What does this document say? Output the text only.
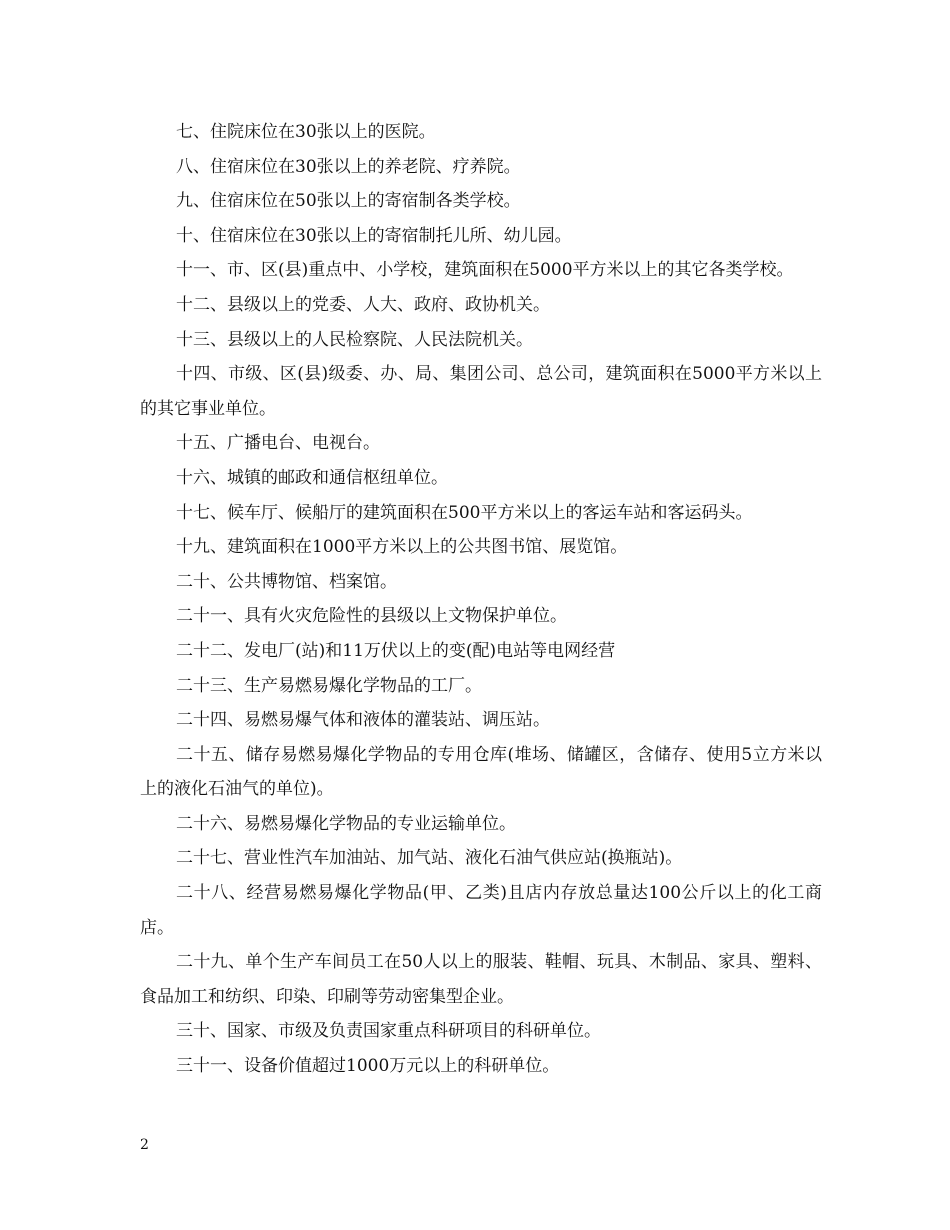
七、住院床位在30张以上的医院。

八、住宿床位在30张以上的养老院、疗养院。

九、住宿床位在50张以上的寄宿制各类学校。

十、住宿床位在30张以上的寄宿制托儿所、幼儿园。

十一、市、区(县)重点中、小学校，建筑面积在5000平方米以上的其它各类学校。

十二、县级以上的党委、人大、政府、政协机关。

十三、县级以上的人民检察院、人民法院机关。

十四、市级、区(县)级委、办、局、集团公司、总公司，建筑面积在5000平方米以上的其它事业单位。

十五、广播电台、电视台。

十六、城镇的邮政和通信枢纽单位。

十七、候车厅、候船厅的建筑面积在500平方米以上的客运车站和客运码头。

十九、建筑面积在1000平方米以上的公共图书馆、展览馆。

二十、公共博物馆、档案馆。

二十一、具有火灾危险性的县级以上文物保护单位。

二十二、发电厂(站)和11万伏以上的变(配)电站等电网经营

二十三、生产易燃易爆化学物品的工厂。

二十四、易燃易爆气体和液体的灌装站、调压站。

二十五、储存易燃易爆化学物品的专用仓库(堆场、储罐区，含储存、使用5立方米以上的液化石油气的单位)。

二十六、易燃易爆化学物品的专业运输单位。

二十七、营业性汽车加油站、加气站、液化石油气供应站(换瓶站)。

二十八、经营易燃易爆化学物品(甲、乙类)且店内存放总量达100公斤以上的化工商店。

二十九、单个生产车间员工在50人以上的服装、鞋帽、玩具、木制品、家具、塑料、食品加工和纺织、印染、印刷等劳动密集型企业。

三十、国家、市级及负责国家重点科研项目的科研单位。

三十一、设备价值超过1000万元以上的科研单位。

2
